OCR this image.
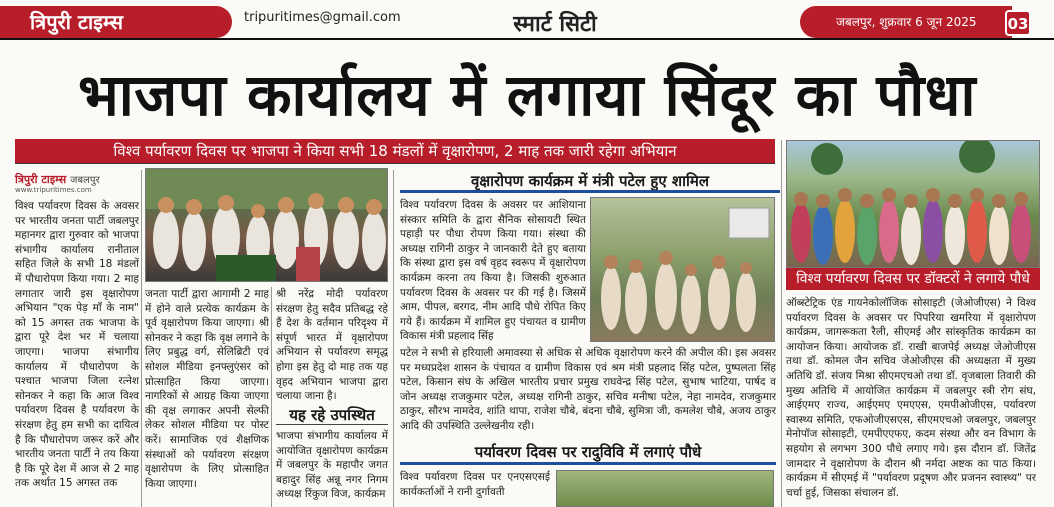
त्रिपुरी टाइम्स	tripuritimes@gmail.com	स्मार्ट सिटी	जबलपुर, शुक्रवार 6 जून 2025	03
भाजपा कार्यालय में लगाया सिंदूर का पौधा
विश्व पर्यावरण दिवस पर भाजपा ने किया सभी 18 मंडलों में वृक्षारोपण, 2 माह तक जारी रहेगा अभियान
त्रिपुरी टाइम्स जबलपुर
www.tripuritimes.com
विश्व पर्यावरण दिवस के अवसर पर भारतीय जनता पार्टी जबलपुर महानगर द्वारा गुरुवार को भाजपा संभागीय कार्यालय रानीताल सहित जिले के सभी 18 मंडलों में पौधारोपण किया गया। 2 माह लगातार जारी इस वृक्षारोपण अभियान "एक पेड़ माँ के नाम" को 15 अगस्त तक भाजपा के द्वारा पूरे देश भर में चलाया जाएगा। भाजपा संभागीय कार्यालय में पौधारोपण के पश्चात भाजपा जिला रत्नेश सोनकर ने कहा कि आज विश्व पर्यावरण दिवस है पर्यावरण के संरक्षण हेतु हम सभी का दायित्व है कि पौधारोपण जरूर करें और भारतीय जनता पार्टी ने तय किया है कि पूरे देश में आज से 2 माह तक अर्थात 15 अगस्त तक
जनता पार्टी द्वारा आगामी 2 माह में होने वाले प्रत्येक कार्यक्रम के पूर्व वृक्षारोपण किया जाएगा। श्री सोनकर ने कहा कि वृक्ष लगाने के लिए प्रबुद्ध वर्ग, सेलिब्रिटी एवं सोशल मीडिया इनफ्लुएंसर को प्रोत्साहित किया जाएगा। नागरिकों से आग्रह किया जाएगा की वृक्ष लगाकर अपनी सेल्फी लेकर सोशल मीडिया पर पोस्ट करें। सामाजिक एवं शैक्षणिक संस्थाओं को पर्यावरण संरक्षण वृक्षारोपण के लिए प्रोत्साहित किया जाएगा।
श्री नरेंद्र मोदी पर्यावरण संरक्षण हेतु सदैव प्रतिबद्ध रहे हैं देश के वर्तमान परिदृश्य में संपूर्ण भारत में वृक्षारोपण अभियान से पर्यावरण समृद्ध होगा इस हेतु दो माह तक यह वृहद अभियान भाजपा द्वारा चलाया जाना है।
यह रहे उपस्थित
भाजपा संभागीय कार्यालय में आयोजित वृक्षारोपण कार्यक्रम में जबलपुर के महापौर जगत बहादुर सिंह अन्नू नगर निगम अध्यक्ष रिंकुज विज, कार्यक्रम
वृक्षारोपण कार्यक्रम में मंत्री पटेल हुए शामिल
विश्व पर्यावरण दिवस के अवसर पर आशियाना संस्कार समिति के द्वारा सैनिक सोसायटी स्थित पहाड़ी पर पौधा रोपण किया गया। संस्था की अध्यक्ष रागिनी ठाकुर ने जानकारी देते हुए बताया कि संस्था द्वारा इस वर्ष वृहद स्वरूप में वृक्षारोपण कार्यक्रम करना तय किया है। जिसकी शुरुआत पर्यावरण दिवस के अवसर पर की गई है। जिसमें आम, पीपल, बरगद, नीम आदि पौधे रोपित किए गये हैं। कार्यक्रम में शामिल हुए पंचायत व ग्रामीण विकास मंत्री प्रहलाद सिंह
पटेल ने सभी से हरियाली अमावस्या से अधिक से अधिक वृक्षारोपण करने की अपील की। इस अवसर पर मध्यप्रदेश शासन के पंचायत व ग्रामीण विकास एवं श्रम मंत्री प्रहलाद सिंह पटेल, पुष्पलता सिंह पटेल, किसान संघ के अखिल भारतीय प्रचार प्रमुख राघवेन्द्र सिंह पटेल, सुभाष भाटिया, पार्षद व जोन अध्यक्ष राजकुमार पटेल, अध्यक्ष रागिनी ठाकुर, सचिव मनीषा पटेल, नेहा नामदेव, राजकुमार ठाकुर, सौरभ नामदेव, शांति थापा, राजेश चौबे, बंदना चौबे, सुमित्रा जी, कमलेश चौबे, अजय ठाकुर आदि की उपस्थिति उल्लेखनीय रही।
पर्यावरण दिवस पर रादुविवि में लगाएं पौधे
विश्व पर्यावरण दिवस पर एनएसएसई कार्यकर्ताओं ने रानी दुर्गावती
विश्व पर्यावरण दिवस पर डॉक्टरों ने लगाये पौधे
ऑब्स्टेट्रिक एंड गायनेकोलॉजिक सोसाइटी (जेओजीएस) ने विश्व पर्यावरण दिवस के अवसर पर पिपरिया खमरिया में वृक्षारोपण कार्यक्रम, जागरूकता रैली, सीएमई और सांस्कृतिक कार्यक्रम का आयोजन किया। आयोजक डॉ. राखी बाजपेई अध्यक्ष जेओजीएस तथा डॉ. कोमल जैन सचिव जेओजीएस की अध्यक्षता में मुख्य अतिथि डॉ. संजय मिश्रा सीएमएचओ तथा डॉ. वृजबाला तिवारी की मुख्य अतिथि में आयोजित कार्यक्रम में जबलपुर स्त्री रोग संघ, आईएमए राज्य, आईएमए एमएएस, एमपीओजीएस, पर्यावरण स्वास्थ्य समिति, एफओजीएसएस, सीएमएचओ जबलपुर, जबलपुर मेनोपॉज सोसाइटी, एमपीएएफए, कदम संस्था और वन विभाग के सहयोग से लगभग 300 पौधे लगाए गये। इस दौरान डॉ. जितेंद्र जामदार ने वृक्षारोपण के दौरान श्री नर्मदा अष्टक का पाठ किया। कार्यक्रम में सीएमई में "पर्यावरण प्रदूषण और प्रजनन स्वास्थ्य" पर चर्चा हुई, जिसका संचालन डॉ.
